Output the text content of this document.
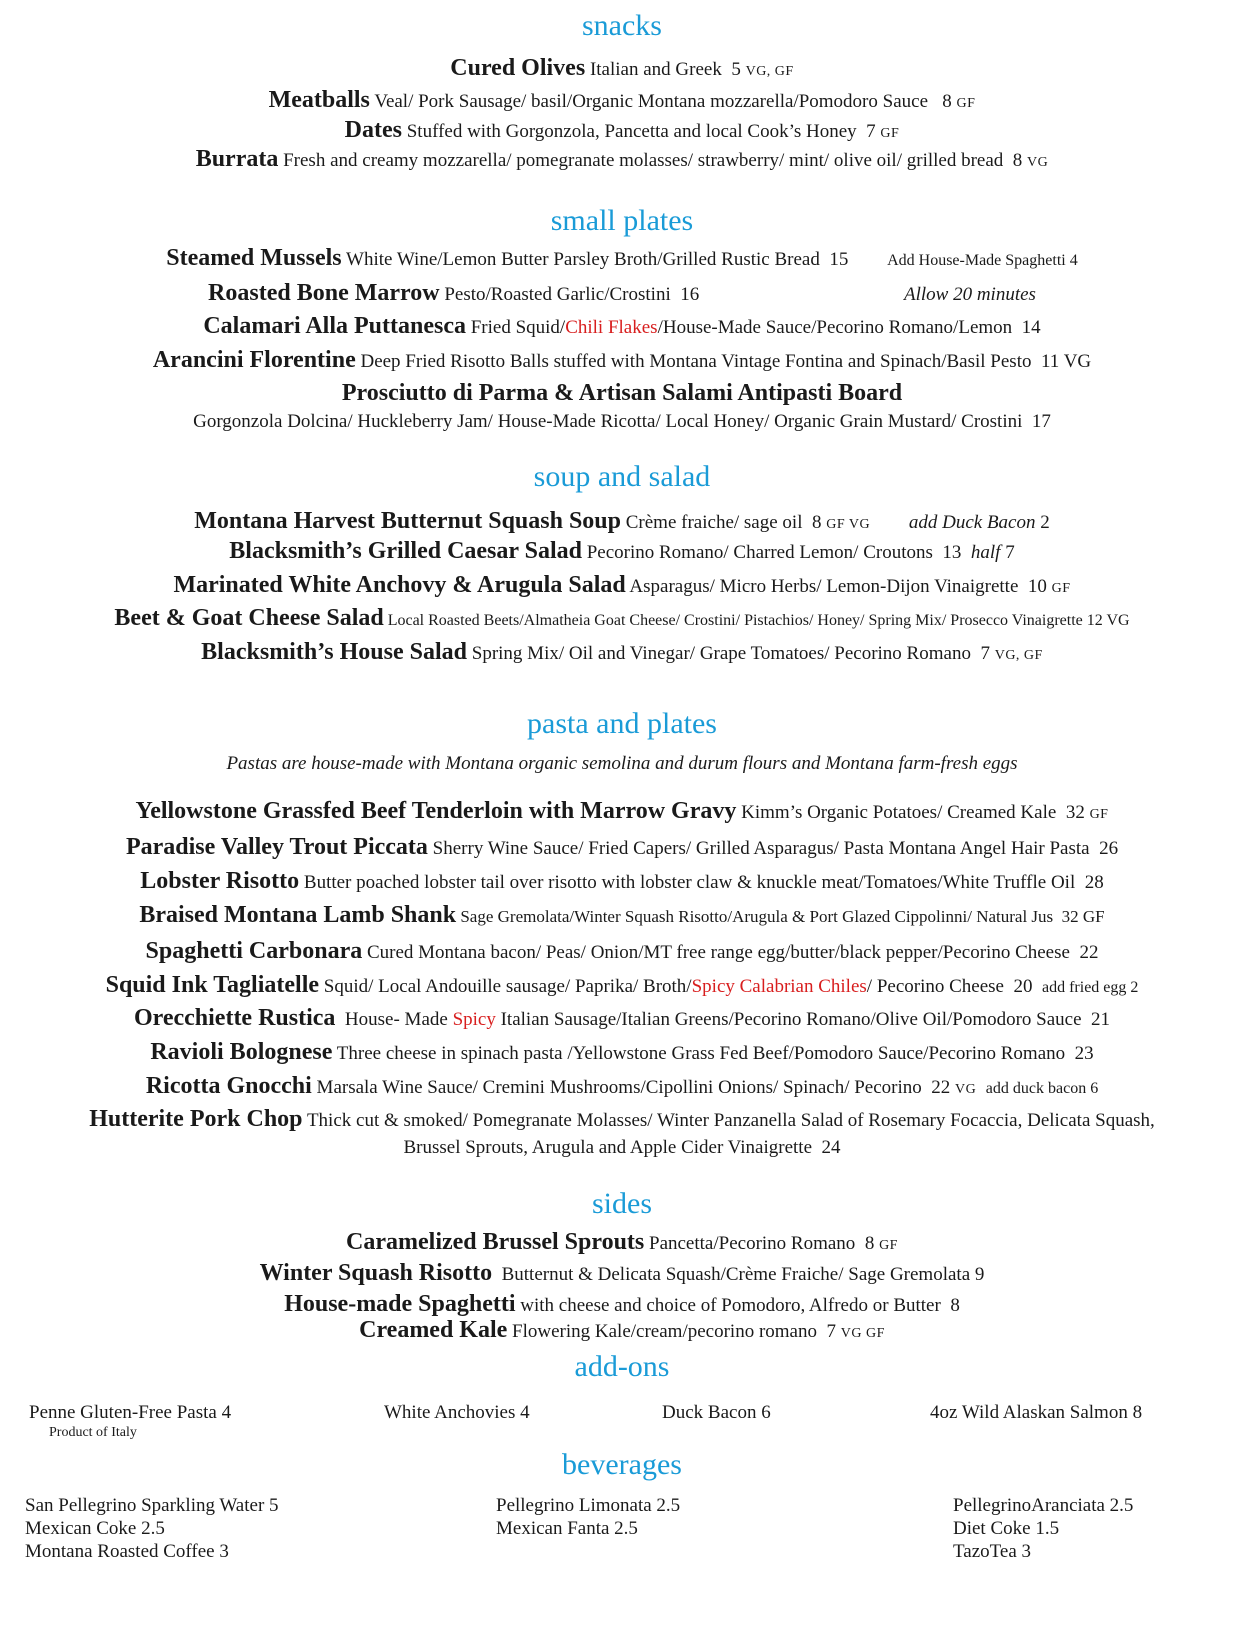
snacks
Cured Olives Italian and Greek 5 VG, GF
Meatballs Veal/ Pork Sausage/ basil/Organic Montana mozzarella/Pomodoro Sauce 8 GF
Dates Stuffed with Gorgonzola, Pancetta and local Cook’s Honey 7 GF
Burrata Fresh and creamy mozzarella/ pomegranate molasses/ strawberry/ mint/ olive oil/ grilled bread 8 VG
small plates
Steamed Mussels White Wine/Lemon Butter Parsley Broth/Grilled Rustic Bread 15 Add House-Made Spaghetti 4
Roasted Bone Marrow Pesto/Roasted Garlic/Crostini 16	Allow 20 minutes
Calamari Alla Puttanesca Fried Squid/Chili Flakes/House-Made Sauce/Pecorino Romano/Lemon 14
Arancini Florentine Deep Fried Risotto Balls stuffed with Montana Vintage Fontina and Spinach/Basil Pesto 11 VG
Prosciutto di Parma & Artisan Salami Antipasti Board
Gorgonzola Dolcina/ Huckleberry Jam/ House-Made Ricotta/ Local Honey/ Organic Grain Mustard/ Crostini 17
soup and salad
Montana Harvest Butternut Squash Soup Crème fraiche/ sage oil 8 GF VG add Duck Bacon 2
Blacksmith’s Grilled Caesar Salad Pecorino Romano/ Charred Lemon/ Croutons 13 half 7
Marinated White Anchovy & Arugula Salad Asparagus/ Micro Herbs/ Lemon-Dijon Vinaigrette 10 GF
Beet & Goat Cheese Salad Local Roasted Beets/Almatheia Goat Cheese/ Crostini/ Pistachios/ Honey/ Spring Mix/ Prosecco Vinaigrette 12 VG
Blacksmith’s House Salad Spring Mix/ Oil and Vinegar/ Grape Tomatoes/ Pecorino Romano 7 VG, GF
pasta and plates
Pastas are house-made with Montana organic semolina and durum flours and Montana farm-fresh eggs
Yellowstone Grassfed Beef Tenderloin with Marrow Gravy Kimm’s Organic Potatoes/ Creamed Kale 32 GF
Paradise Valley Trout Piccata Sherry Wine Sauce/ Fried Capers/ Grilled Asparagus/ Pasta Montana Angel Hair Pasta 26
Lobster Risotto Butter poached lobster tail over risotto with lobster claw & knuckle meat/Tomatoes/White Truffle Oil 28
Braised Montana Lamb Shank Sage Gremolata/Winter Squash Risotto/Arugula & Port Glazed Cippolinni/ Natural Jus 32 GF
Spaghetti Carbonara Cured Montana bacon/ Peas/ Onion/MT free range egg/butter/black pepper/Pecorino Cheese 22
Squid Ink Tagliatelle Squid/ Local Andouille sausage/ Paprika/ Broth/Spicy Calabrian Chiles/ Pecorino Cheese 20 add fried egg 2
Orecchiette Rustica House- Made Spicy Italian Sausage/Italian Greens/Pecorino Romano/Olive Oil/Pomodoro Sauce 21
Ravioli Bolognese Three cheese in spinach pasta /Yellowstone Grass Fed Beef/Pomodoro Sauce/Pecorino Romano 23
Ricotta Gnocchi Marsala Wine Sauce/ Cremini Mushrooms/Cipollini Onions/ Spinach/ Pecorino 22 VG add duck bacon 6
Hutterite Pork Chop Thick cut & smoked/ Pomegranate Molasses/ Winter Panzanella Salad of Rosemary Focaccia, Delicata Squash,
Brussel Sprouts, Arugula and Apple Cider Vinaigrette 24
sides
Caramelized Brussel Sprouts Pancetta/Pecorino Romano 8 GF
Winter Squash Risotto Butternut & Delicata Squash/Crème Fraiche/ Sage Gremolata 9
House-made Spaghetti with cheese and choice of Pomodoro, Alfredo or Butter 8
Creamed Kale Flowering Kale/cream/pecorino romano 7 VG GF
add-ons
Penne Gluten-Free Pasta 4
Product of Italy
White Anchovies 4	Duck Bacon 6	4oz Wild Alaskan Salmon 8
beverages
San Pellegrino Sparkling Water 5
Mexican Coke 2.5
Montana Roasted Coffee 3
Pellegrino Limonata 2.5
Mexican Fanta 2.5
PellegrinoAranciata 2.5
Diet Coke 1.5
TazoTea 3
